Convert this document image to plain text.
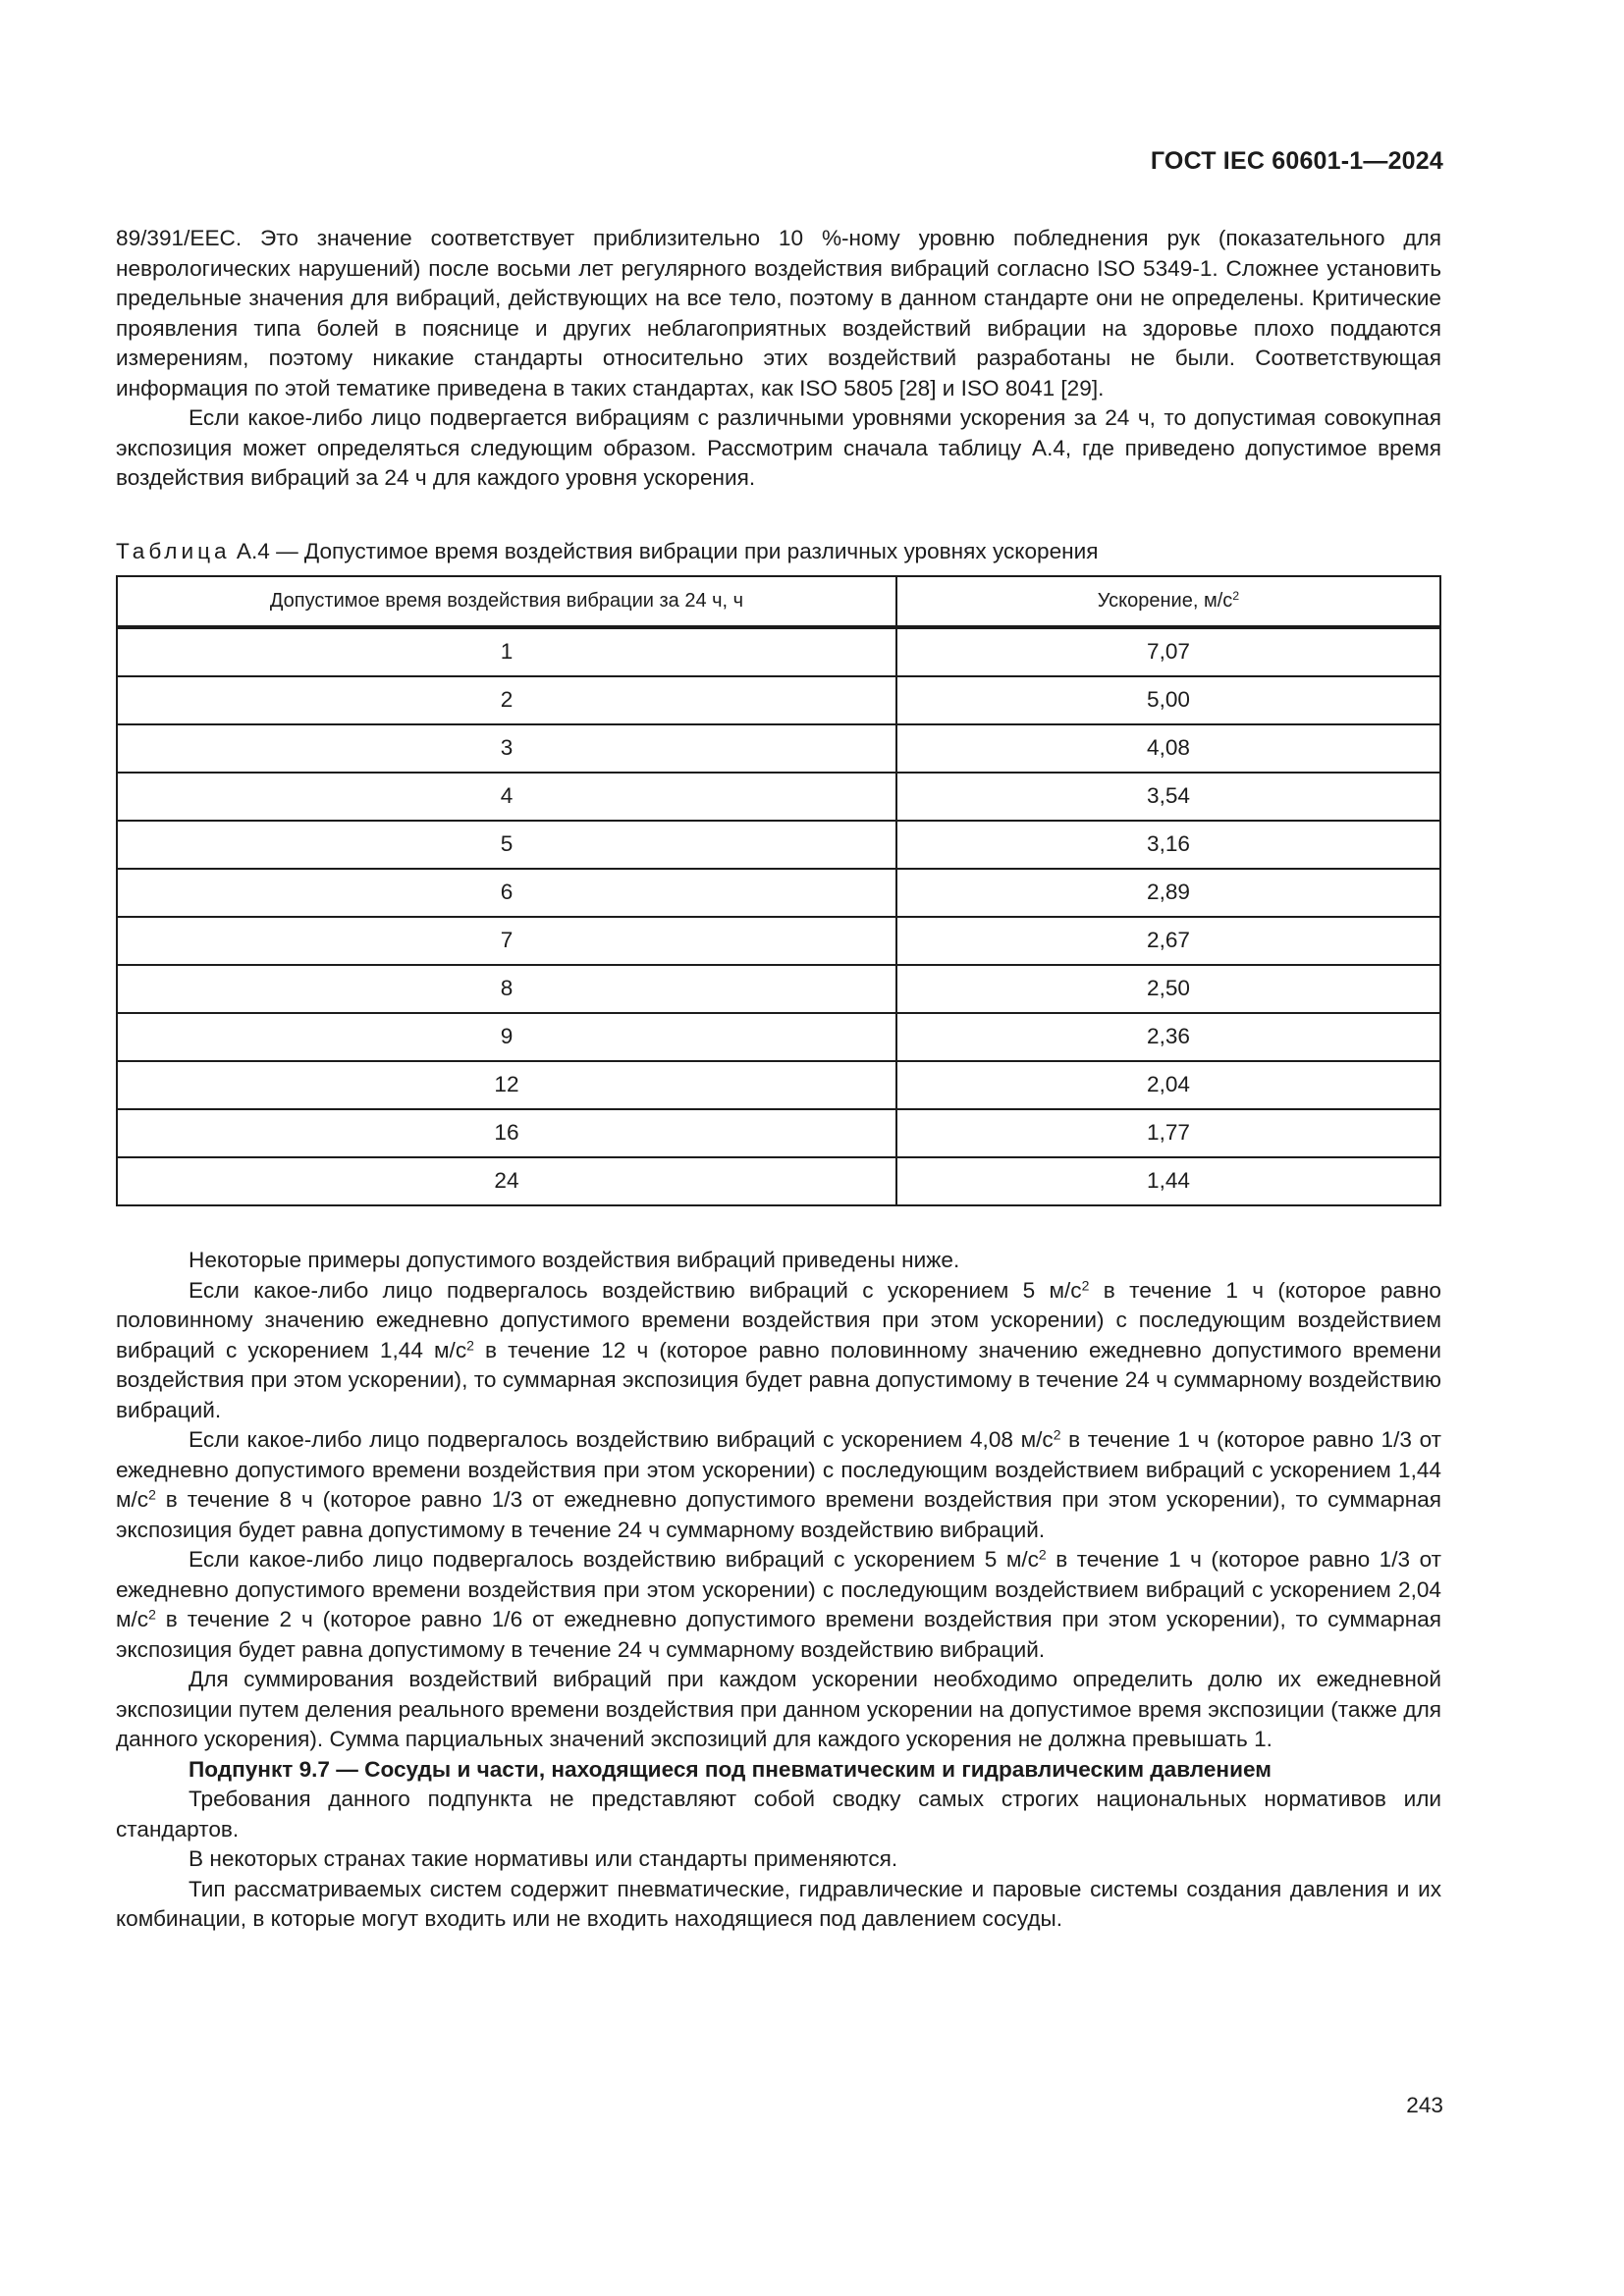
ГОСТ IEC 60601-1—2024

89/391/EEC. Это значение соответствует приблизительно 10 %-ному уровню побледнения рук (показательного для неврологических нарушений) после восьми лет регулярного воздействия вибраций согласно ISO 5349-1. Сложнее установить предельные значения для вибраций, действующих на все тело, поэтому в данном стандарте они не определены. Критические проявления типа болей в пояснице и других неблагоприятных воздействий вибрации на здоровье плохо поддаются измерениям, поэтому никакие стандарты относительно этих воздействий разработаны не были. Соответствующая информация по этой тематике приведена в таких стандартах, как ISO 5805 [28] и ISO 8041 [29].

Если какое-либо лицо подвергается вибрациям с различными уровнями ускорения за 24 ч, то допустимая совокупная экспозиция может определяться следующим образом. Рассмотрим сначала таблицу А.4, где приведено допустимое время воздействия вибраций за 24 ч для каждого уровня ускорения.

Таблица А.4 — Допустимое время воздействия вибрации при различных уровнях ускорения
Допустимое время воздействия вибрации за 24 ч, ч	Ускорение, $м/с^2$
1	7,07
2	5,00
3	4,08
4	3,54
5	3,16
6	2,89
7	2,67
8	2,50
9	2,36
12	2,04
16	1,77
24	1,44

Некоторые примеры допустимого воздействия вибраций приведены ниже.

Если какое-либо лицо подвергалось воздействию вибраций с ускорением 5 $м/с^2$ в течение 1 ч (которое равно половинному значению ежедневно допустимого времени воздействия при этом ускорении) с последующим воздействием вибраций с ускорением 1,44 $м/с^2$ в течение 12 ч (которое равно половинному значению ежедневно допустимого времени воздействия при этом ускорении), то суммарная экспозиция будет равна допустимому в течение 24 ч суммарному воздействию вибраций.

Если какое-либо лицо подвергалось воздействию вибраций с ускорением 4,08 $м/с^2$ в течение 1 ч (которое равно 1/3 от ежедневно допустимого времени воздействия при этом ускорении) с последующим воздействием вибраций с ускорением 1,44 $м/с^2$ в течение 8 ч (которое равно 1/3 от ежедневно допустимого времени воздействия при этом ускорении), то суммарная экспозиция будет равна допустимому в течение 24 ч суммарному воздействию вибраций.

Если какое-либо лицо подвергалось воздействию вибраций с ускорением 5 $м/с^2$ в течение 1 ч (которое равно 1/3 от ежедневно допустимого времени воздействия при этом ускорении) с последующим воздействием вибраций с ускорением 2,04 $м/с^2$ в течение 2 ч (которое равно 1/6 от ежедневно допустимого времени воздействия при этом ускорении), то суммарная экспозиция будет равна допустимому в течение 24 ч суммарному воздействию вибраций.

Для суммирования воздействий вибраций при каждом ускорении необходимо определить долю их ежедневной экспозиции путем деления реального времени воздействия при данном ускорении на допустимое время экспозиции (также для данного ускорения). Сумма парциальных значений экспозиций для каждого ускорения не должна превышать 1.

Подпункт 9.7 — Сосуды и части, находящиеся под пневматическим и гидравлическим давлением

Требования данного подпункта не представляют собой сводку самых строгих национальных нормативов или стандартов.

В некоторых странах такие нормативы или стандарты применяются.

Тип рассматриваемых систем содержит пневматические, гидравлические и паровые системы создания давления и их комбинации, в которые могут входить или не входить находящиеся под давлением сосуды.

243
